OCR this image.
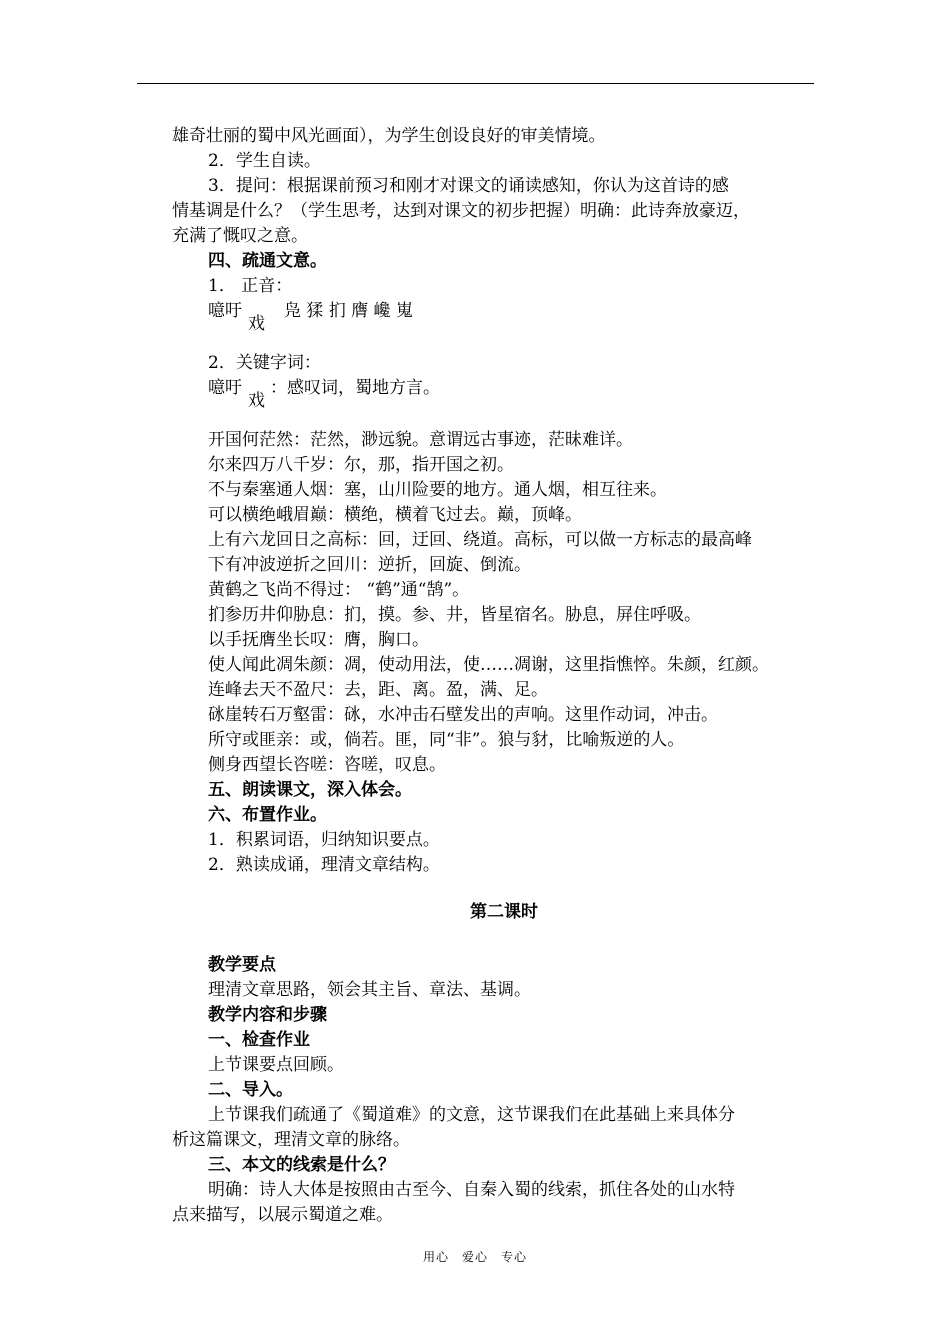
雄奇壮丽的蜀中风光画面），为学生创设良好的审美情境。
2．学生自读。
3．提问：根据课前预习和刚才对课文的诵读感知，你认为这首诗的感
情基调是什么？（学生思考，达到对课文的初步把握）明确：此诗奔放豪迈，
充满了慨叹之意。
四、疏通文意。
1． 正音：
噫吁
戏
凫 猱 扪 膺 巉 嵬
2．关键字词：
噫吁
戏
：感叹词，蜀地方言。
开国何茫然：茫然，渺远貌。意谓远古事迹，茫昧难详。
尔来四万八千岁：尔，那，指开国之初。
不与秦塞通人烟：塞，山川险要的地方。通人烟，相互往来。
可以横绝峨眉巅：横绝，横着飞过去。巅，顶峰。
上有六龙回日之高标：回，迂回、绕道。高标，可以做一方标志的最高峰
下有冲波逆折之回川：逆折，回旋、倒流。
黄鹤之飞尚不得过： “鹤”通“鹄”。
扪参历井仰胁息：扪，摸。参、井，皆星宿名。胁息，屏住呼吸。
以手抚膺坐长叹：膺，胸口。
使人闻此凋朱颜：凋，使动用法，使……凋谢，这里指憔悴。朱颜，红颜。
连峰去天不盈尺：去，距、离。盈，满、足。
砯崖转石万壑雷：砯，水冲击石壁发出的声响。这里作动词，冲击。
所守或匪亲：或，倘若。匪，同“非”。狼与豺，比喻叛逆的人。
侧身西望长咨嗟：咨嗟，叹息。
五、朗读课文，深入体会。
六、布置作业。
1．积累词语，归纳知识要点。
2．熟读成诵，理清文章结构。
第二课时
教学要点
理清文章思路，领会其主旨、章法、基调。
教学内容和步骤
一、检查作业
上节课要点回顾。
二、导入。
上节课我们疏通了《蜀道难》的文意，这节课我们在此基础上来具体分
析这篇课文，理清文章的脉络。
三、本文的线索是什么？
明确：诗人大体是按照由古至今、自秦入蜀的线索，抓住各处的山水特
点来描写，以展示蜀道之难。
用心　爱心　专心
